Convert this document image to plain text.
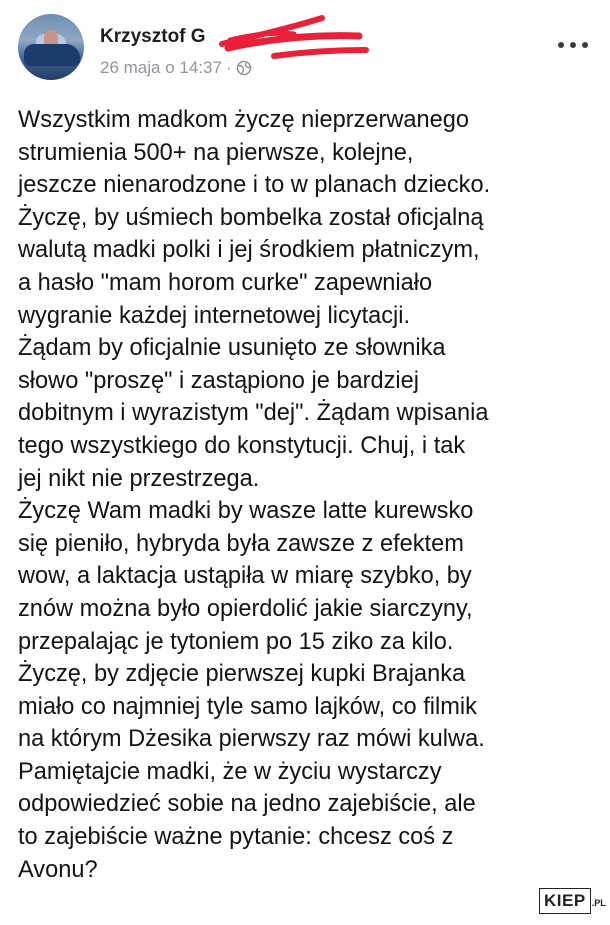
Krzysztof G
26 maja o 14:37 ·
Wszystkim madkom życzę nieprzerwanego
strumienia 500+ na pierwsze, kolejne,
jeszcze nienarodzone i to w planach dziecko.
Życzę, by uśmiech bombelka został oficjalną
walutą madki polki i jej środkiem płatniczym,
a hasło "mam horom curke" zapewniało
wygranie każdej internetowej licytacji.
Żądam by oficjalnie usunięto ze słownika
słowo "proszę" i zastąpiono je bardziej
dobitnym i wyrazistym "dej". Żądam wpisania
tego wszystkiego do konstytucji. Chuj, i tak
jej nikt nie przestrzega.
Życzę Wam madki by wasze latte kurewsko
się pieniło, hybryda była zawsze z efektem
wow, a laktacja ustąpiła w miarę szybko, by
znów można było opierdolić jakie siarczyny,
przepalając je tytoniem po 15 ziko za kilo.
Życzę, by zdjęcie pierwszej kupki Brajanka
miało co najmniej tyle samo lajków, co filmik
na którym Dżesika pierwszy raz mówi kulwa.
Pamiętajcie madki, że w życiu wystarczy
odpowiedzieć sobie na jedno zajebiście, ale
to zajebiście ważne pytanie: chcesz coś z
Avonu?
KIEP .PL
